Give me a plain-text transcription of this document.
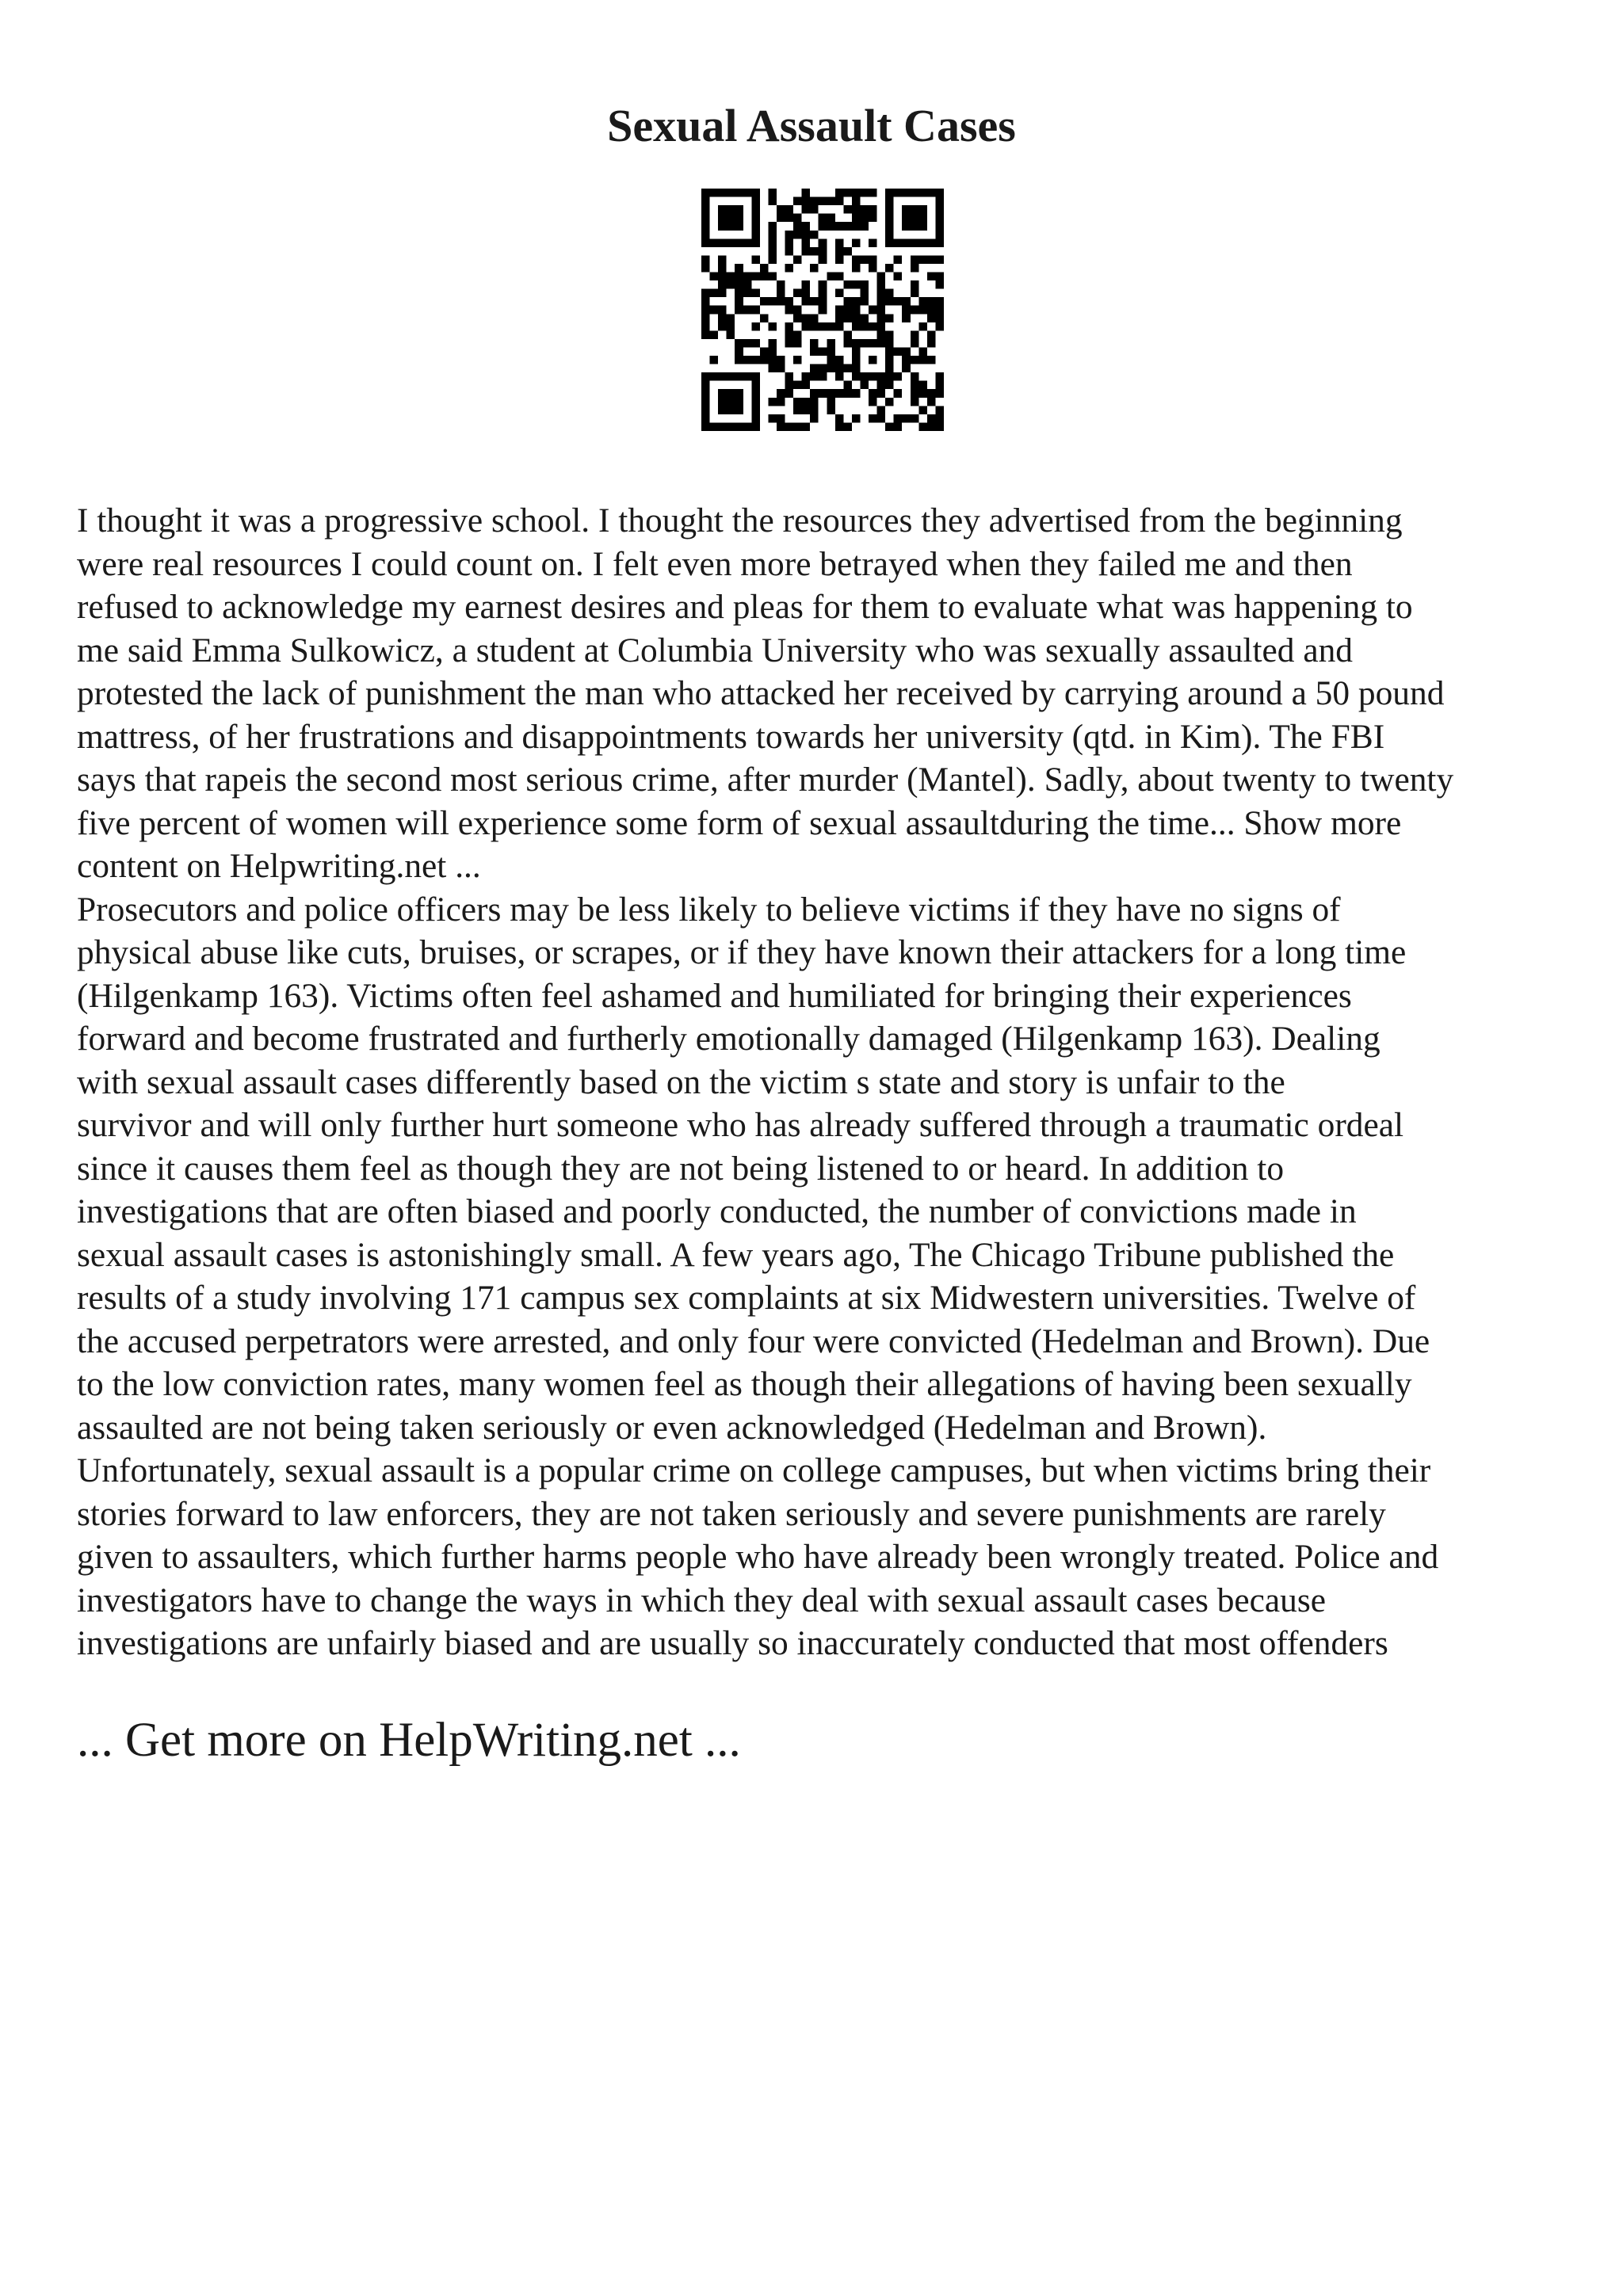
Sexual Assault Cases

I thought it was a progressive school. I thought the resources they advertised from the beginning
were real resources I could count on. I felt even more betrayed when they failed me and then
refused to acknowledge my earnest desires and pleas for them to evaluate what was happening to
me said Emma Sulkowicz, a student at Columbia University who was sexually assaulted and
protested the lack of punishment the man who attacked her received by carrying around a 50 pound
mattress, of her frustrations and disappointments towards her university (qtd. in Kim). The FBI
says that rapeis the second most serious crime, after murder (Mantel). Sadly, about twenty to twenty
five percent of women will experience some form of sexual assaultduring the time... Show more
content on Helpwriting.net ...

Prosecutors and police officers may be less likely to believe victims if they have no signs of
physical abuse like cuts, bruises, or scrapes, or if they have known their attackers for a long time
(Hilgenkamp 163). Victims often feel ashamed and humiliated for bringing their experiences
forward and become frustrated and furtherly emotionally damaged (Hilgenkamp 163). Dealing
with sexual assault cases differently based on the victim s state and story is unfair to the
survivor and will only further hurt someone who has already suffered through a traumatic ordeal
since it causes them feel as though they are not being listened to or heard. In addition to
investigations that are often biased and poorly conducted, the number of convictions made in
sexual assault cases is astonishingly small. A few years ago, The Chicago Tribune published the
results of a study involving 171 campus sex complaints at six Midwestern universities. Twelve of
the accused perpetrators were arrested, and only four were convicted (Hedelman and Brown). Due
to the low conviction rates, many women feel as though their allegations of having been sexually
assaulted are not being taken seriously or even acknowledged (Hedelman and Brown).
Unfortunately, sexual assault is a popular crime on college campuses, but when victims bring their
stories forward to law enforcers, they are not taken seriously and severe punishments are rarely
given to assaulters, which further harms people who have already been wrongly treated. Police and
investigators have to change the ways in which they deal with sexual assault cases because
investigations are unfairly biased and are usually so inaccurately conducted that most offenders

... Get more on HelpWriting.net ...
